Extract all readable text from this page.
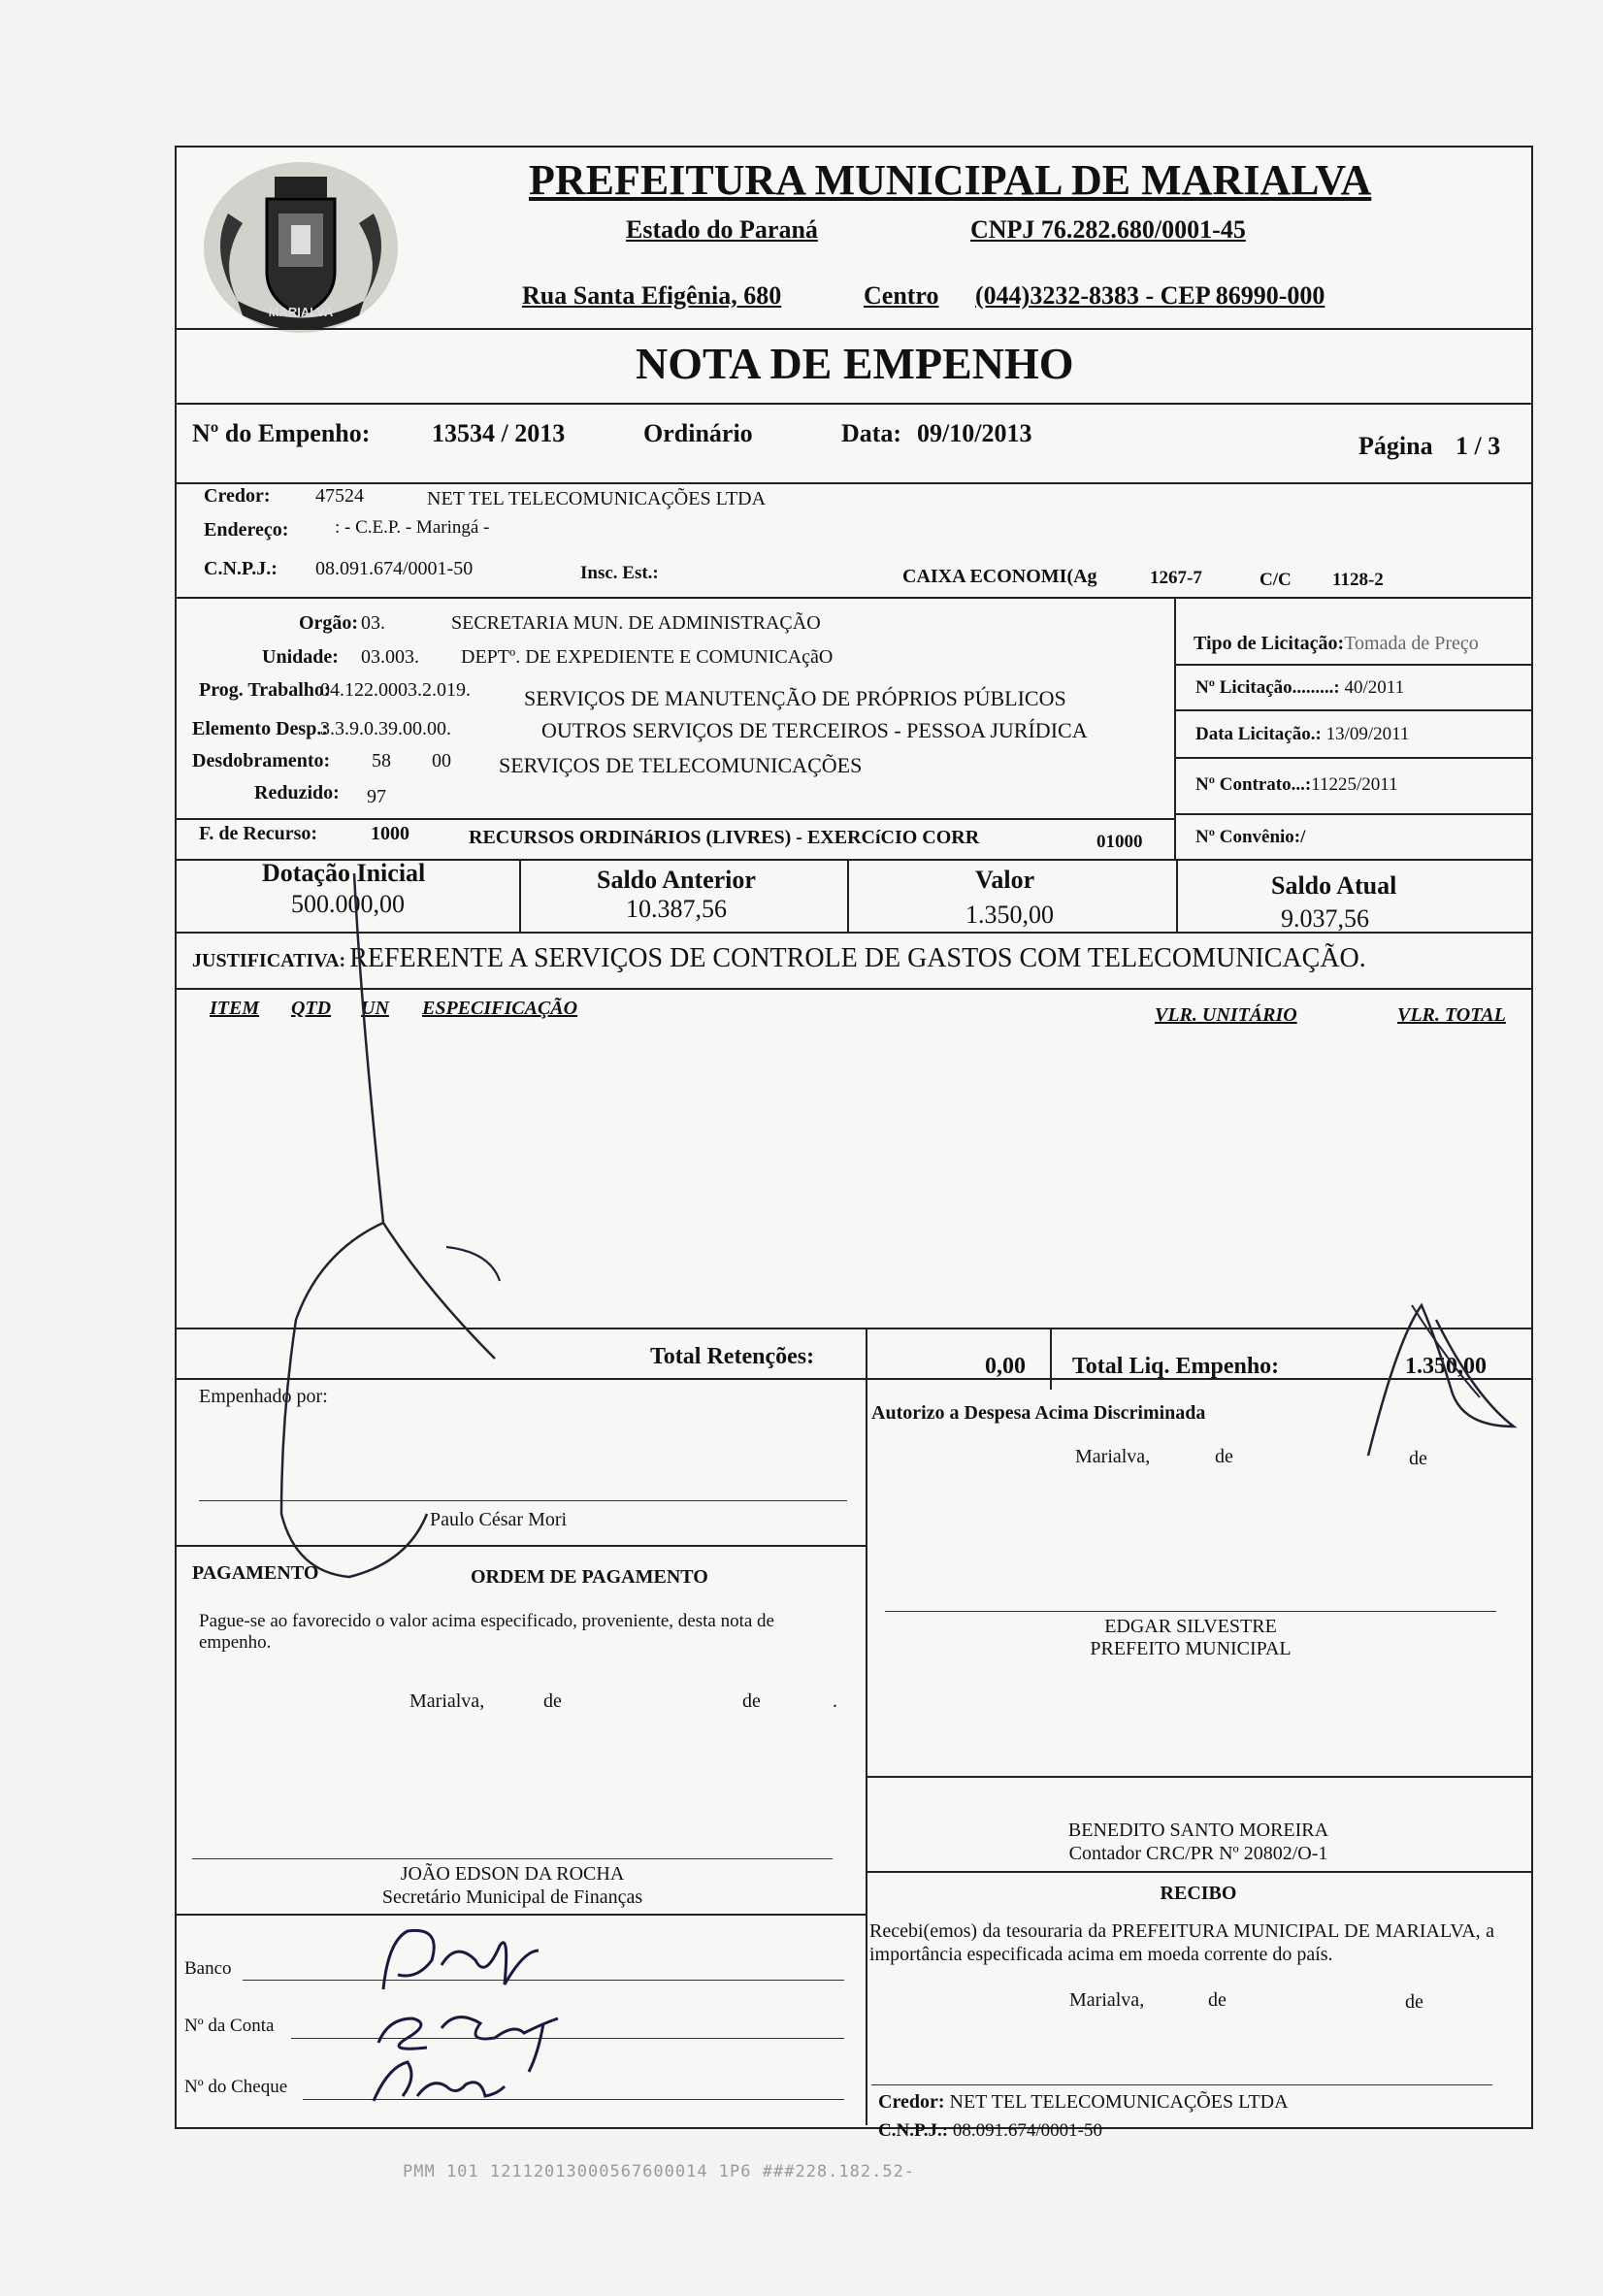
MARIALVA
PREFEITURA MUNICIPAL DE MARIALVA
Estado do Paraná	CNPJ 76.282.680/0001-45
Rua Santa Efigênia, 680	Centro (044)3232-8383 - CEP 86990-000
NOTA DE EMPENHO
Nº do Empenho: 13534 / 2013	Ordinário	Data: 09/10/2013	Página 1 / 3
Credor: 47524	NET TEL TELECOMUNICAÇÕES LTDA
Endereço:	: - C.E.P. - Maringá -
C.N.P.J.: 08.091.674/0001-50	Insc. Est.:	CAIXA ECONOMI(Ag	1267-7	C/C 1128-2
Orgão: 03.	SECRETARIA MUN. DE ADMINISTRAÇÃO
Unidade: 03.003. DEPTº. DE EXPEDIENTE E COMUNICAçãO
Prog. Trabalho:
04.122.0003.2.019.	SERVIÇOS DE MANUTENÇÃO DE PRÓPRIOS PÚBLICOS
Elemento Desp.:
3.3.9.0.39.00.00.	OUTROS SERVIÇOS DE TERCEIROS - PESSOA JURÍDICA
Desdobramento: 58 00 SERVIÇOS DE TELECOMUNICAÇÕES
Reduzido: 97
F. de Recurso:	1000	RECURSOS ORDINáRIOS (LIVRES) - EXERCíCIO CORR	01000
Tipo de Licitação:Tomada de Preço
Nº Licitação.........: 40/2011
Data Licitação.: 13/09/2011
Nº Contrato...:11225/2011
Nº Convênio:/
Dotação Inicial
500.000,00
Saldo Anterior
10.387,56
Valor
1.350,00
Saldo Atual
9.037,56
JUSTIFICATIVA: REFERENTE A SERVIÇOS DE CONTROLE DE GASTOS COM TELECOMUNICAÇÃO.
ITEM QTD UN ESPECIFICAÇÃO	VLR. UNITÁRIO	VLR. TOTAL
Total Retenções:	0,00 Total Liq. Empenho:	1.350,00
Empenhado por:
Paulo César Mori
Autorizo a Despesa Acima Discriminada
Marialva,	de	de
PAGAMENTO	ORDEM DE PAGAMENTO
Pague-se ao favorecido o valor acima especificado, proveniente, desta nota de empenho.
Marialva,	de	de	.
EDGAR SILVESTRE
PREFEITO MUNICIPAL
BENEDITO SANTO MOREIRA
Contador CRC/PR Nº 20802/O-1
JOÃO EDSON DA ROCHA
Secretário Municipal de Finanças	RECIBO
Recebi(emos) da tesouraria da PREFEITURA MUNICIPAL DE MARIALVA, a importância especificada acima em moeda corrente do país.
Marialva,	de	de
Banco
Nº da Conta
Nº do Cheque
Credor: NET TEL TELECOMUNICAÇÕES LTDA
C.N.P.J.: 08.091.674/0001-50
PMM 101 12112013000567600014 1P6 ###228.182.52-
